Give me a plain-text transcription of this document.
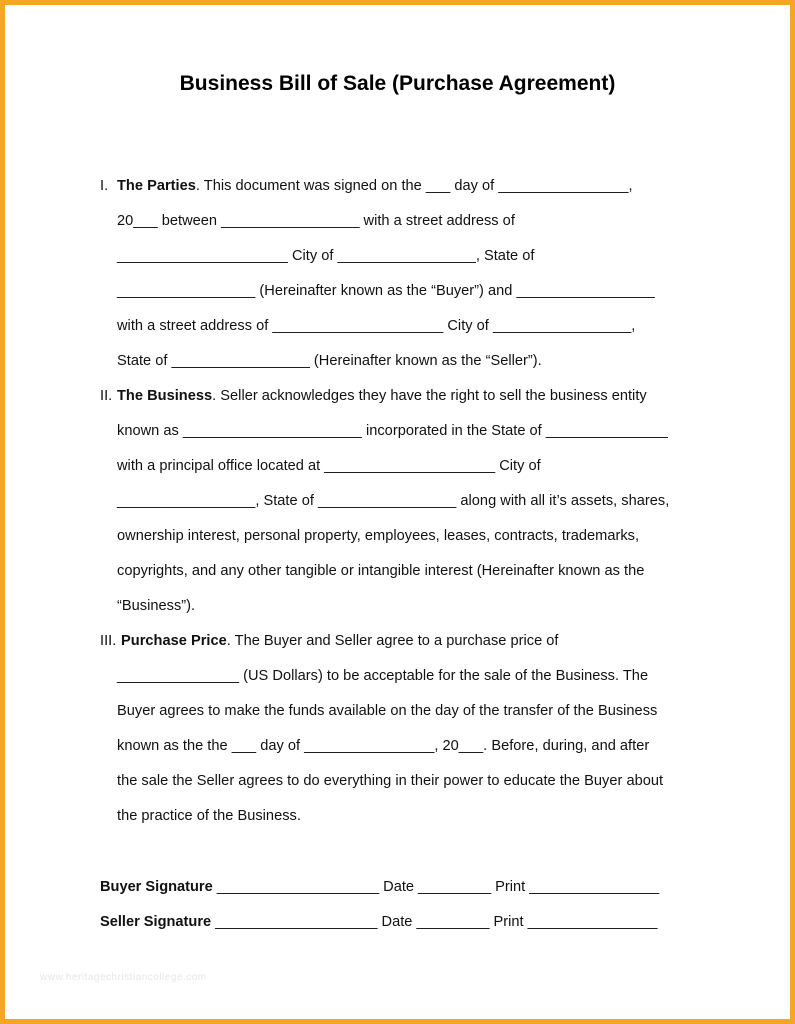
Business Bill of Sale (Purchase Agreement)
I. The Parties. This document was signed on the ___ day of ________________,
20___ between _________________ with a street address of
_____________________ City of _________________, State of
_________________ (Hereinafter known as the “Buyer”) and _________________
with a street address of _____________________ City of _________________,
State of _________________ (Hereinafter known as the “Seller”).
II. The Business. Seller acknowledges they have the right to sell the business entity
known as ______________________ incorporated in the State of _______________
with a principal office located at _____________________ City of
_________________, State of _________________ along with all it’s assets, shares,
ownership interest, personal property, employees, leases, contracts, trademarks,
copyrights, and any other tangible or intangible interest (Hereinafter known as the
“Business”).
III. Purchase Price. The Buyer and Seller agree to a purchase price of
_______________ (US Dollars) to be acceptable for the sale of the Business. The
Buyer agrees to make the funds available on the day of the transfer of the Business
known as the the ___ day of ________________, 20___. Before, during, and after
the sale the Seller agrees to do everything in their power to educate the Buyer about
the practice of the Business.
Buyer Signature ____________________ Date _________ Print ________________
Seller Signature ____________________ Date _________ Print ________________
www.heritagechristiancollege.com
